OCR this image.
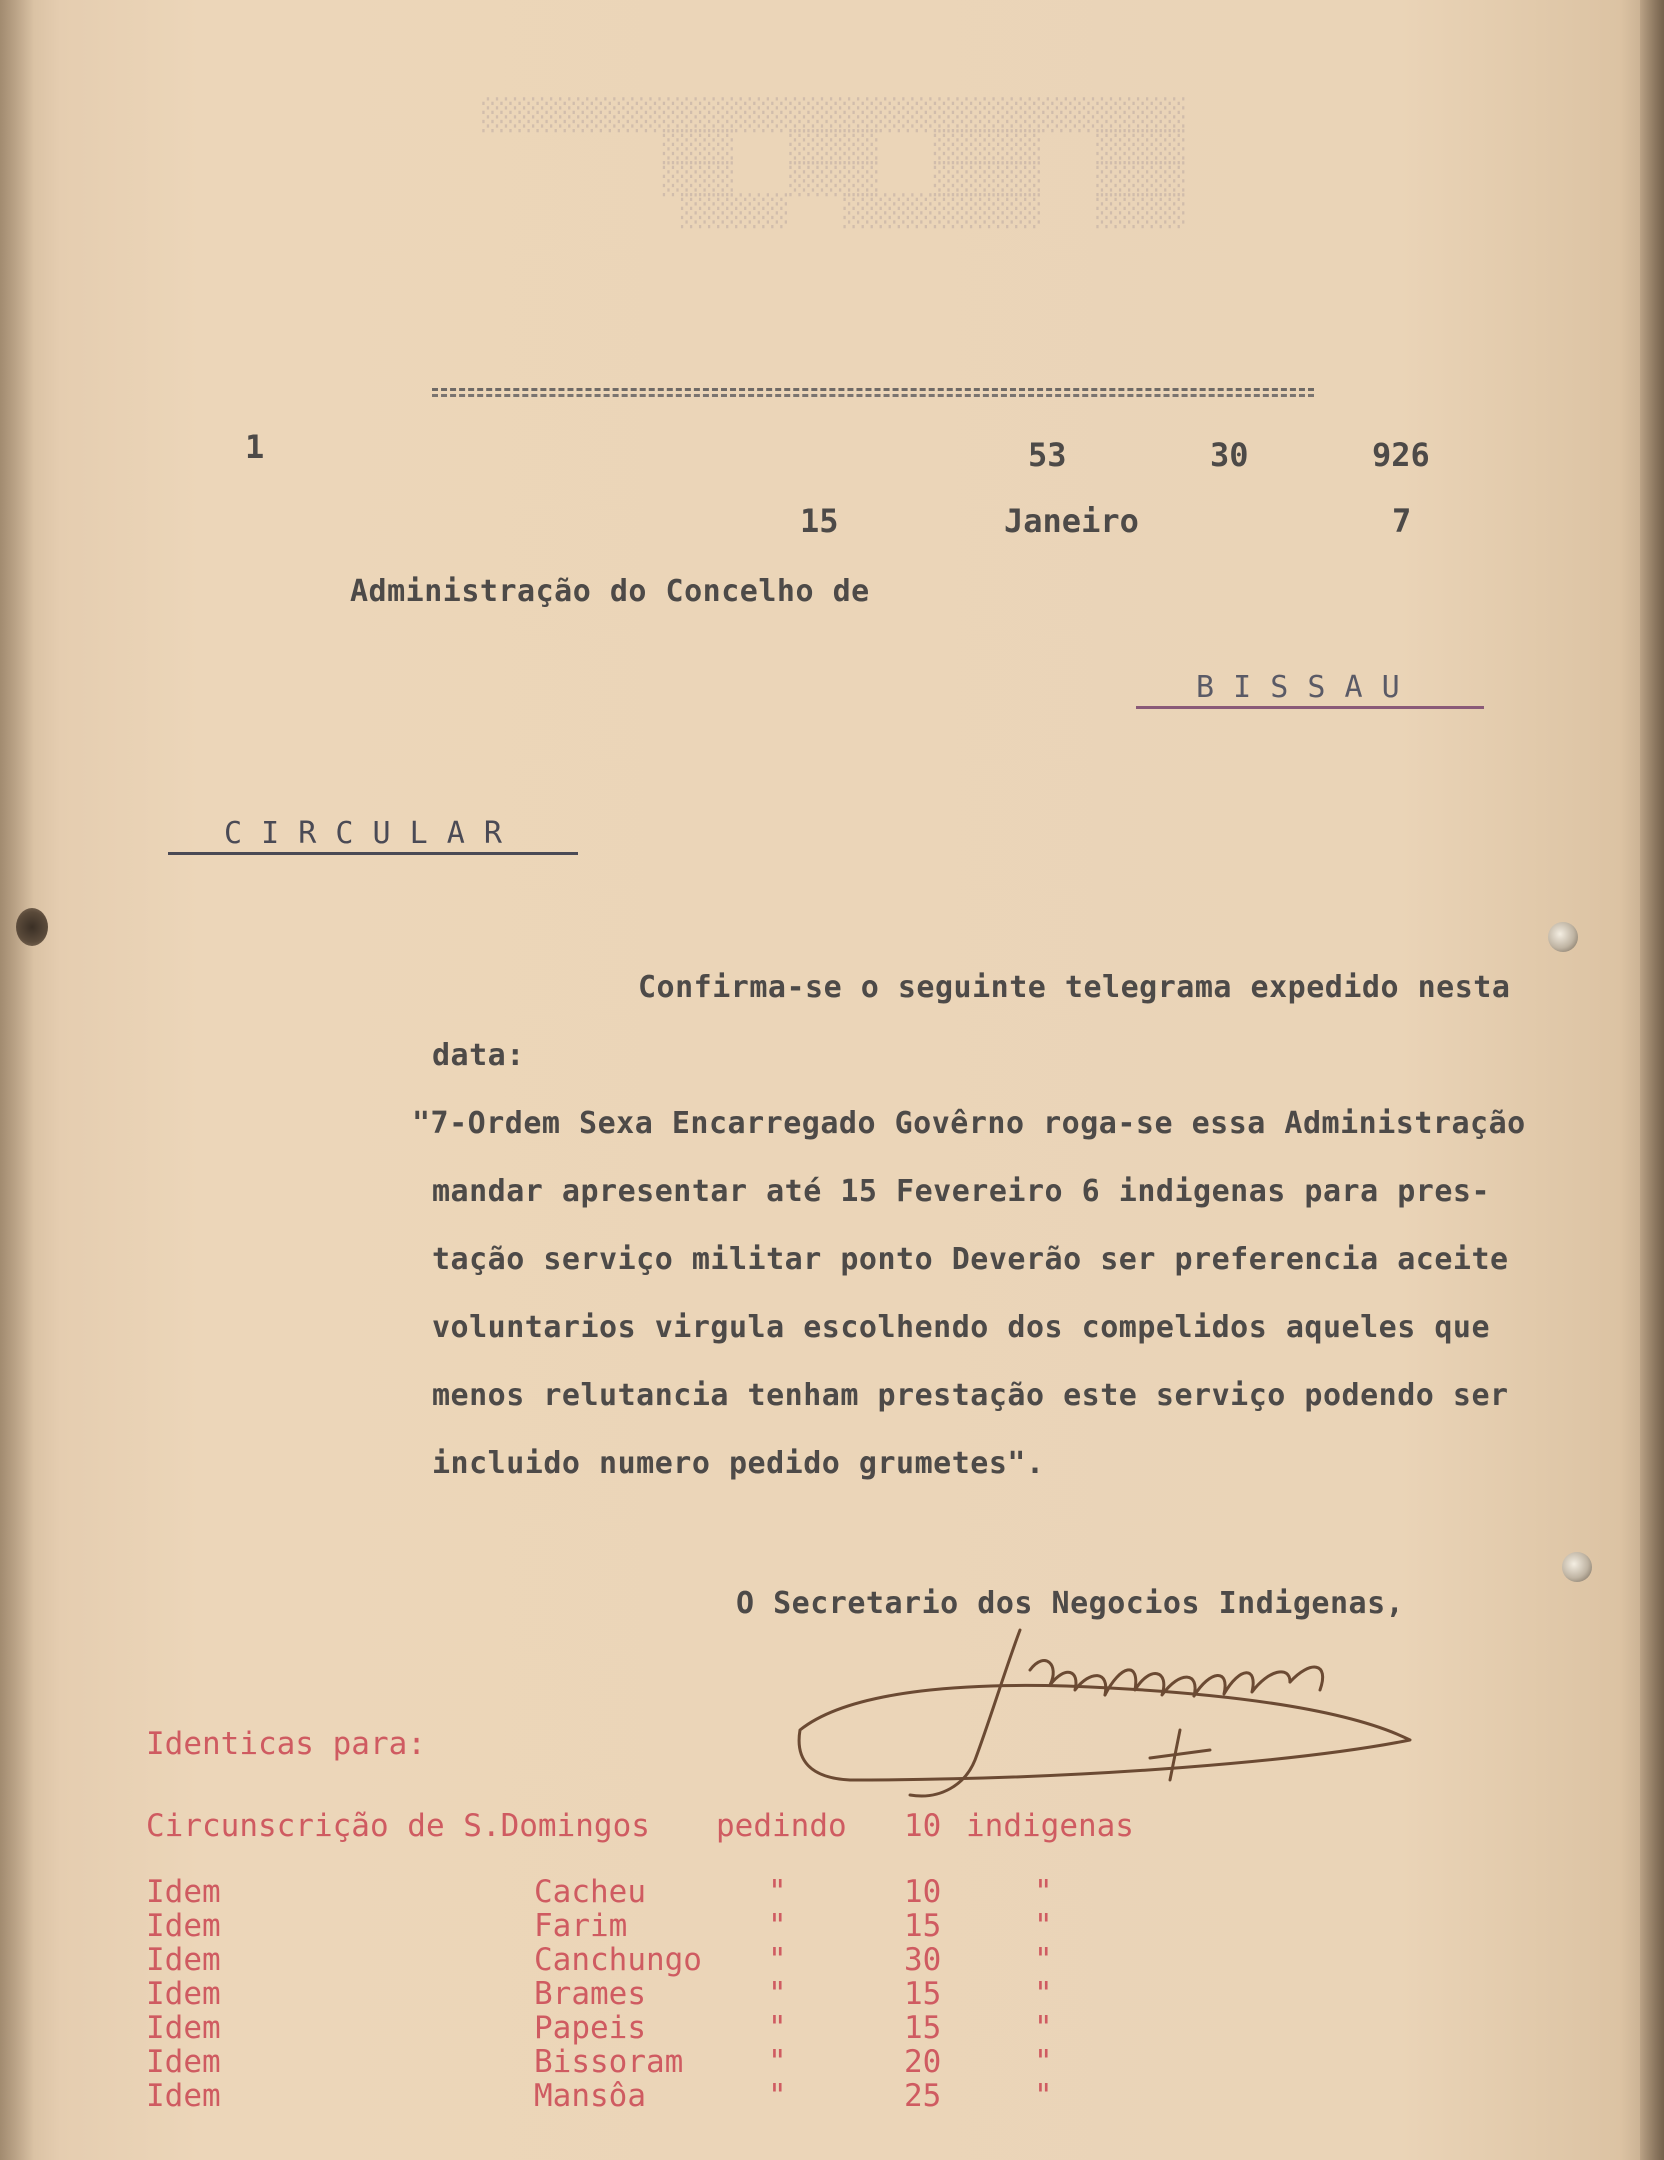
░░░░░░░░░░░░░░░░░░░░░░░░░░░░░░░░░░░░░░░
░░░░░   ░░░░░░   ░░░░░   ░░░░
░░░░░   ░░░░░░   ░░░░░   ░░░░
░░░░░   ░░░░░░░░░░░   ░░░░░░
1	53	30	926
15	Janeiro	7
Administração do Concelho de
B I S S A U
C I R C U L A R
Confirma-se o seguinte telegrama expedido nesta
data:
"7-Ordem Sexa Encarregado Govêrno roga-se essa Administração
mandar apresentar até 15 Fevereiro 6 indigenas para pres-
tação serviço militar ponto Deverão ser preferencia aceite
voluntarios virgula escolhendo dos compelidos aqueles que
menos relutancia tenham prestação este serviço podendo ser
incluido numero pedido grumetes".
O Secretario dos Negocios Indigenas,
Identicas para:
Circunscrição de S.Domingos pedindo 10 indigenas
Idem	Cacheu	"	10	"
Idem	Farim	"	15	"
Idem	Canchungo "	30	"
Idem	Brames	"	15	"
Idem	Papeis	"	15	"
Idem	Bissoram	"	20	"
Idem	Mansôa	"	25	"
